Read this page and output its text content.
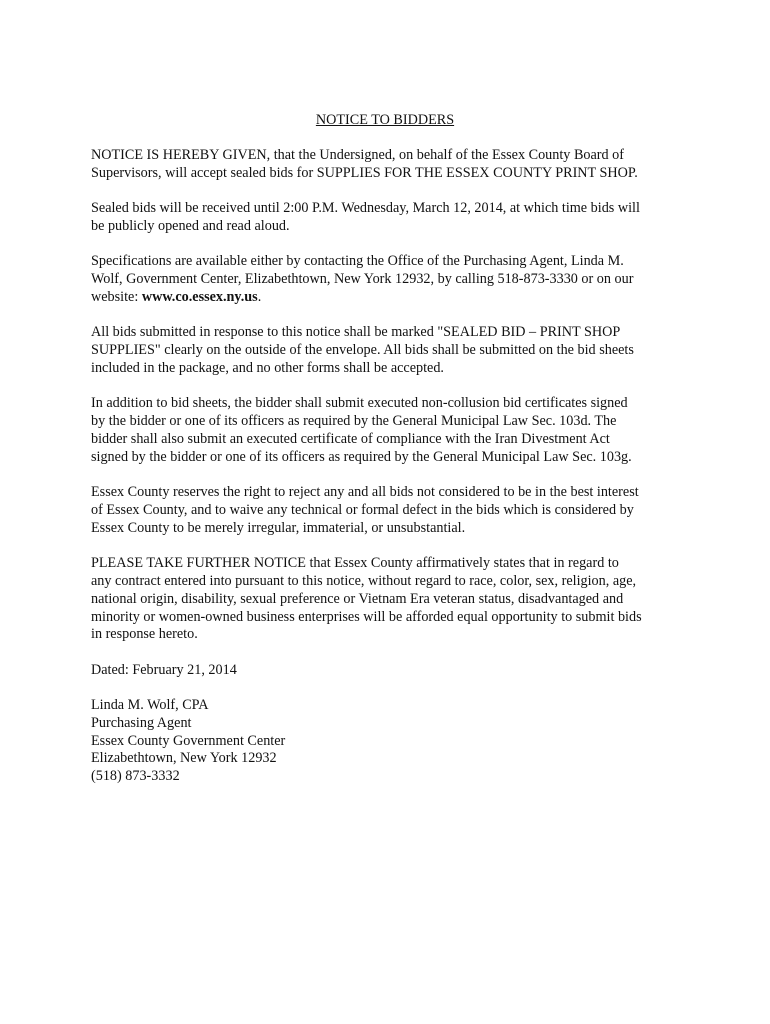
NOTICE TO BIDDERS

NOTICE IS HEREBY GIVEN, that the Undersigned, on behalf of the Essex County Board of
Supervisors, will accept sealed bids for SUPPLIES FOR THE ESSEX COUNTY PRINT SHOP.

Sealed bids will be received until 2:00 P.M. Wednesday, March 12, 2014, at which time bids will
be publicly opened and read aloud.

Specifications are available either by contacting the Office of the Purchasing Agent, Linda M.
Wolf, Government Center, Elizabethtown, New York 12932, by calling 518-873-3330 or on our
website: www.co.essex.ny.us.

All bids submitted in response to this notice shall be marked "SEALED BID – PRINT SHOP
SUPPLIES" clearly on the outside of the envelope. All bids shall be submitted on the bid sheets
included in the package, and no other forms shall be accepted.

In addition to bid sheets, the bidder shall submit executed non-collusion bid certificates signed
by the bidder or one of its officers as required by the General Municipal Law Sec. 103d. The
bidder shall also submit an executed certificate of compliance with the Iran Divestment Act
signed by the bidder or one of its officers as required by the General Municipal Law Sec. 103g.

Essex County reserves the right to reject any and all bids not considered to be in the best interest
of Essex County, and to waive any technical or formal defect in the bids which is considered by
Essex County to be merely irregular, immaterial, or unsubstantial.

PLEASE TAKE FURTHER NOTICE that Essex County affirmatively states that in regard to
any contract entered into pursuant to this notice, without regard to race, color, sex, religion, age,
national origin, disability, sexual preference or Vietnam Era veteran status, disadvantaged and
minority or women-owned business enterprises will be afforded equal opportunity to submit bids
in response hereto.

Dated: February 21, 2014

Linda M. Wolf, CPA
Purchasing Agent
Essex County Government Center
Elizabethtown, New York 12932
(518) 873-3332
